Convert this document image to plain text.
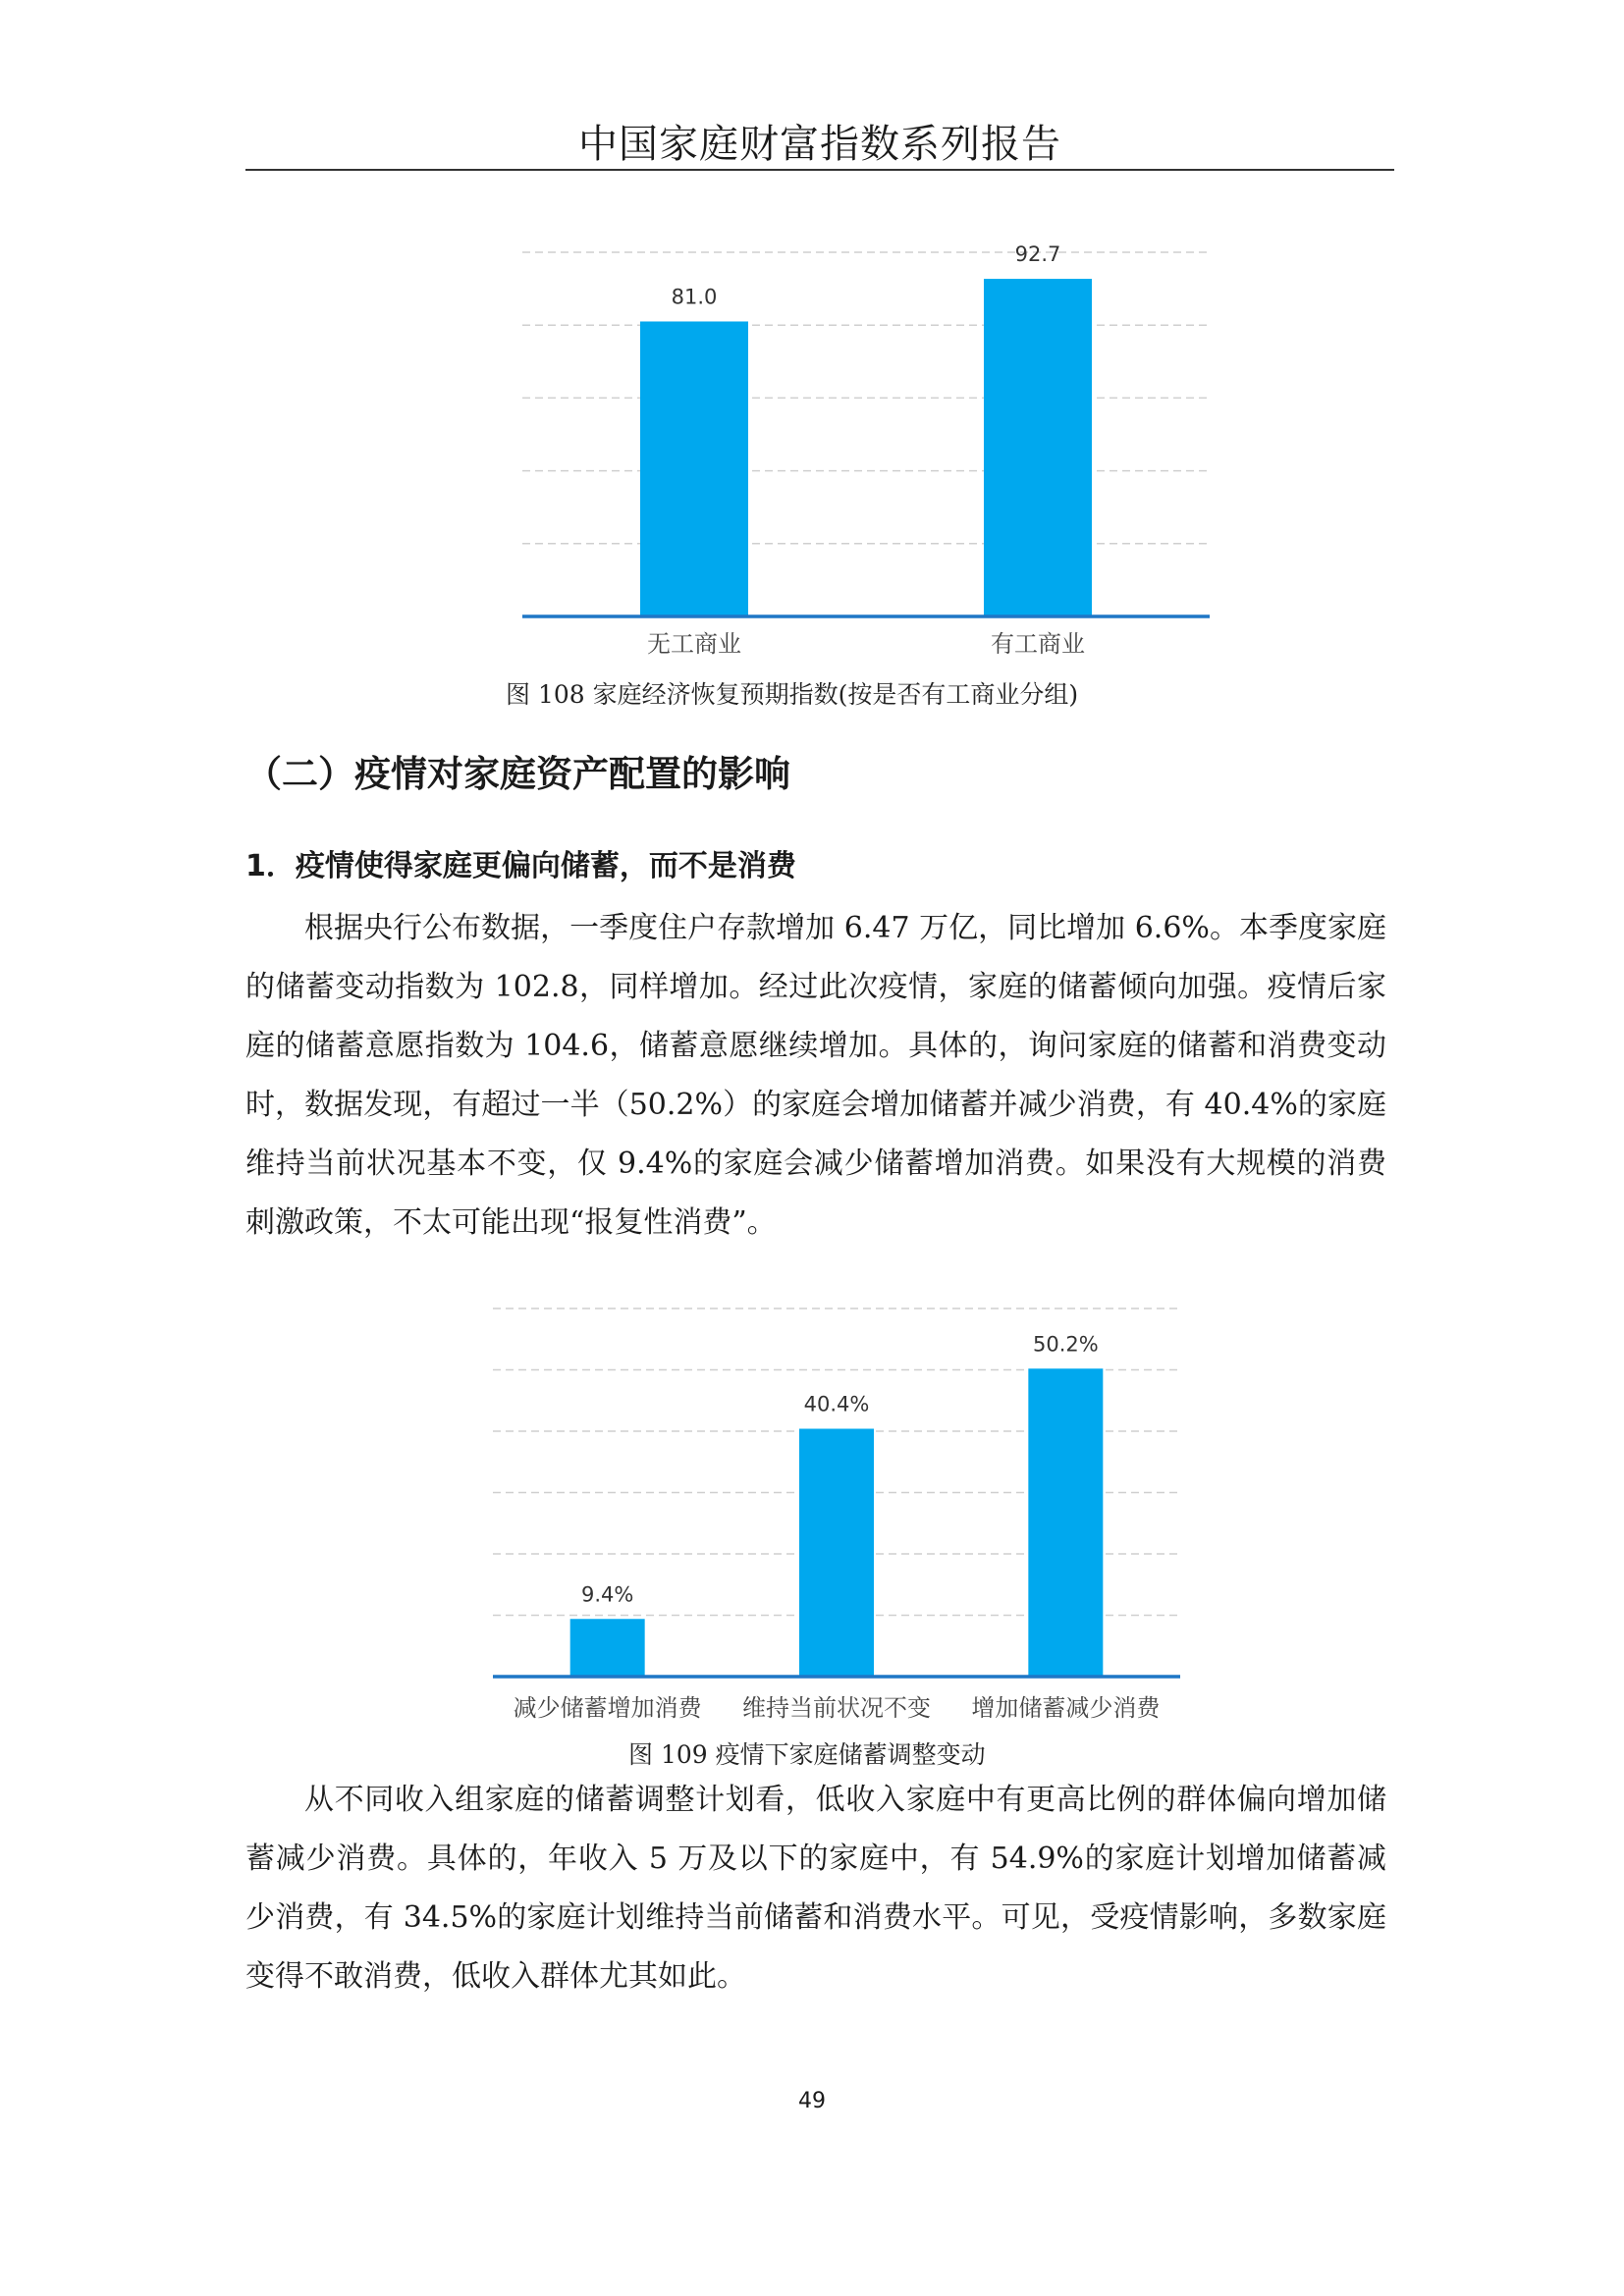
中国家庭财富指数系列报告
81.0
无工商业
92.7
有工商业
图 108 家庭经济恢复预期指数(按是否有工商业分组)
（二）疫情对家庭资产配置的影响
1．疫情使得家庭更偏向储蓄，而不是消费

根据央行公布数据，一季度住户存款增加 6.47 万亿，同比增加 6.6%。本季度家庭的储蓄变动指数为 102.8，同样增加。经过此次疫情，家庭的储蓄倾向加强。疫情后家庭的储蓄意愿指数为 104.6，储蓄意愿继续增加。具体的，询问家庭的储蓄和消费变动时，数据发现，有超过一半（50.2%）的家庭会增加储蓄并减少消费，有 40.4%的家庭维持当前状况基本不变，仅 9.4%的家庭会减少储蓄增加消费。如果没有大规模的消费刺激政策，不太可能出现“报复性消费”。

9.4%
减少储蓄增加消费
40.4%
维持当前状况不变
50.2%
增加储蓄减少消费
图 109 疫情下家庭储蓄调整变动

从不同收入组家庭的储蓄调整计划看，低收入家庭中有更高比例的群体偏向增加储蓄减少消费。具体的，年收入 5 万及以下的家庭中，有 54.9%的家庭计划增加储蓄减少消费，有 34.5%的家庭计划维持当前储蓄和消费水平。可见，受疫情影响，多数家庭变得不敢消费，低收入群体尤其如此。

49
